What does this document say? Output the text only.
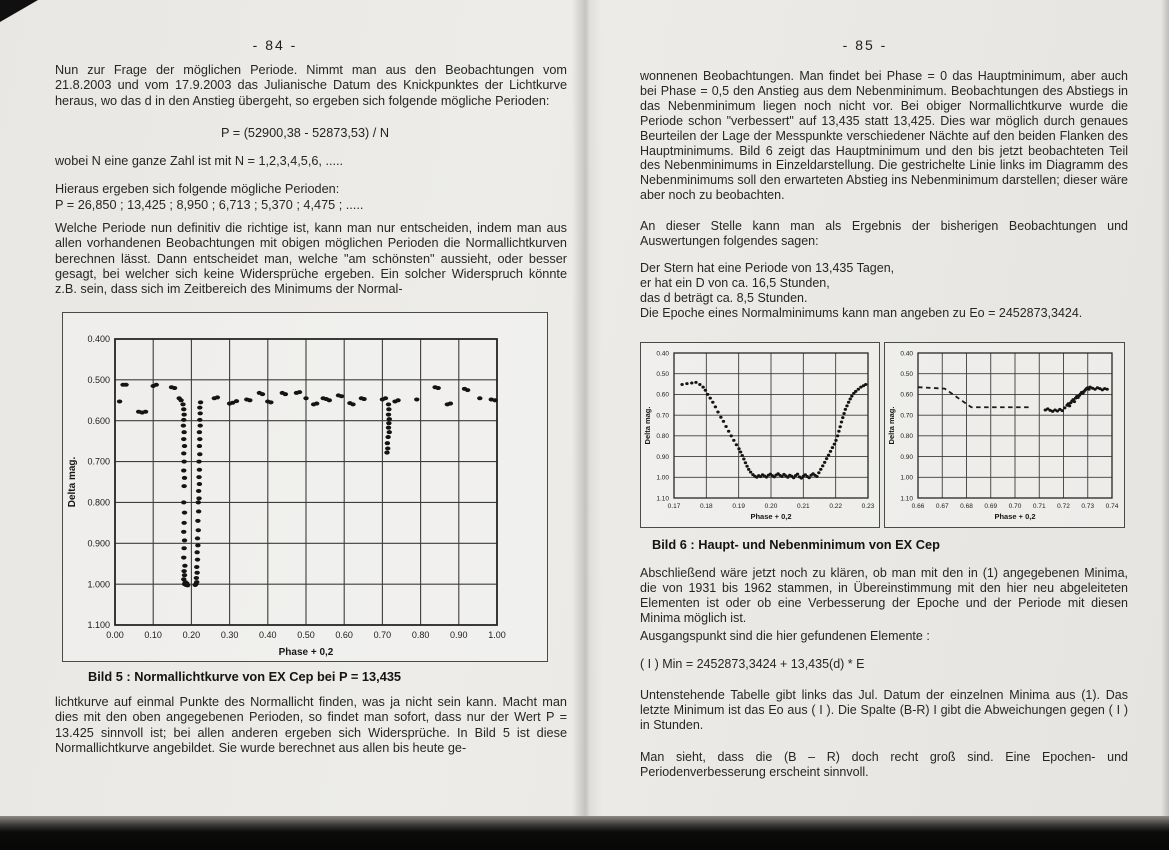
- 84 -
Nun zur Frage der möglichen Periode. Nimmt man aus den Beobachtungen vom 21.8.2003 und vom 17.9.2003 das Julianische Datum des Knickpunktes der Lichtkurve heraus, wo das d in den Anstieg übergeht, so ergeben sich folgende mögliche Perioden:
P = (52900,38 - 52873,53) / N
wobei N eine ganze Zahl ist mit N = 1,2,3,4,5,6, .....
Hieraus ergeben sich folgende mögliche Perioden:
P = 26,850 ; 13,425 ; 8,950 ; 6,713 ; 5,370 ; 4,475 ; .....
Welche Periode nun definitiv die richtige ist, kann man nur entscheiden, indem man aus allen vorhandenen Beobachtungen mit obigen möglichen Perioden die Normallichtkurven berechnen lässt. Dann entscheidet man, welche "am schönsten" aussieht, oder besser gesagt, bei welcher sich keine Widersprüche ergeben. Ein solcher Widerspruch könnte z.B. sein, dass sich im Zeitbereich des Minimums der Normal-
0.00 0.10 0.20 0.30 0.40 0.50 0.60 0.70 0.80 0.90 1.00
0.400
0.500
0.600
0.700
0.800
0.900
1.000
1.100
Phase + 0,2
Delta mag.
Bild 5 : Normallichtkurve von EX Cep bei P = 13,435
lichtkurve auf einmal Punkte des Normallicht finden, was ja nicht sein kann. Macht man dies mit den oben angegebenen Perioden, so findet man sofort, dass nur der Wert P = 13.425 sinnvoll ist; bei allen anderen ergeben sich Widersprüche. In Bild 5 ist diese Normallichtkurve angebildet. Sie wurde berechnet aus allen bis heute ge-
- 85 -
wonnenen Beobachtungen. Man findet bei Phase = 0 das Hauptminimum, aber auch bei Phase = 0,5 den Anstieg aus dem Nebenminimum. Beobachtungen des Abstiegs in das Nebenminimum liegen noch nicht vor. Bei obiger Normallichtkurve wurde die Periode schon "verbessert" auf 13,435 statt 13,425. Dies war möglich durch genaues Beurteilen der Lage der Messpunkte verschiedener Nächte auf den beiden Flanken des Hauptminimums. Bild 6 zeigt das Hauptminimum und den bis jetzt beobachteten Teil des Nebenminimums in Einzeldarstellung. Die gestrichelte Linie links im Diagramm des Nebenminimums soll den erwarteten Abstieg ins Nebenminimum darstellen; dieser wäre aber noch zu beobachten.
An dieser Stelle kann man als Ergebnis der bisherigen Beobachtungen und Auswertungen folgendes sagen:
Der Stern hat eine Periode von 13,435 Tagen,
er hat ein D von ca. 16,5 Stunden,
das d beträgt ca. 8,5 Stunden.
Die Epoche eines Normalminimums kann man angeben zu Eo = 2452873,3424.
0.17	0.18	0.19	0.20	0.21	0.22	0.23
0.40
0.50
0.60
0.70
0.80
0.90
1.00
1.10
Phase + 0,2
Delta mag.
0.66 0.67 0.68 0.69 0.70 0.71 0.72 0.73 0.74
0.40
0.50
0.60
0.70
0.80
0.90
1.00
1.10
Phase + 0,2
Delta mag.
Bild 6 : Haupt- und Nebenminimum von EX Cep
Abschließend wäre jetzt noch zu klären, ob man mit den in (1) angegebenen Minima, die von 1931 bis 1962 stammen, in Übereinstimmung mit den hier neu abgeleiteten Elementen ist oder ob eine Verbesserung der Epoche und der Periode mit diesen Minima möglich ist.
Ausgangspunkt sind die hier gefundenen Elemente :
( I ) Min = 2452873,3424 + 13,435(d) * E
Untenstehende Tabelle gibt links das Jul. Datum der einzelnen Minima aus (1). Das letzte Minimum ist das Eo aus ( I ). Die Spalte (B-R) I gibt die Abweichungen gegen ( I ) in Stunden.
Man sieht, dass die (B – R) doch recht groß sind. Eine Epochen- und Periodenverbesserung erscheint sinnvoll.
